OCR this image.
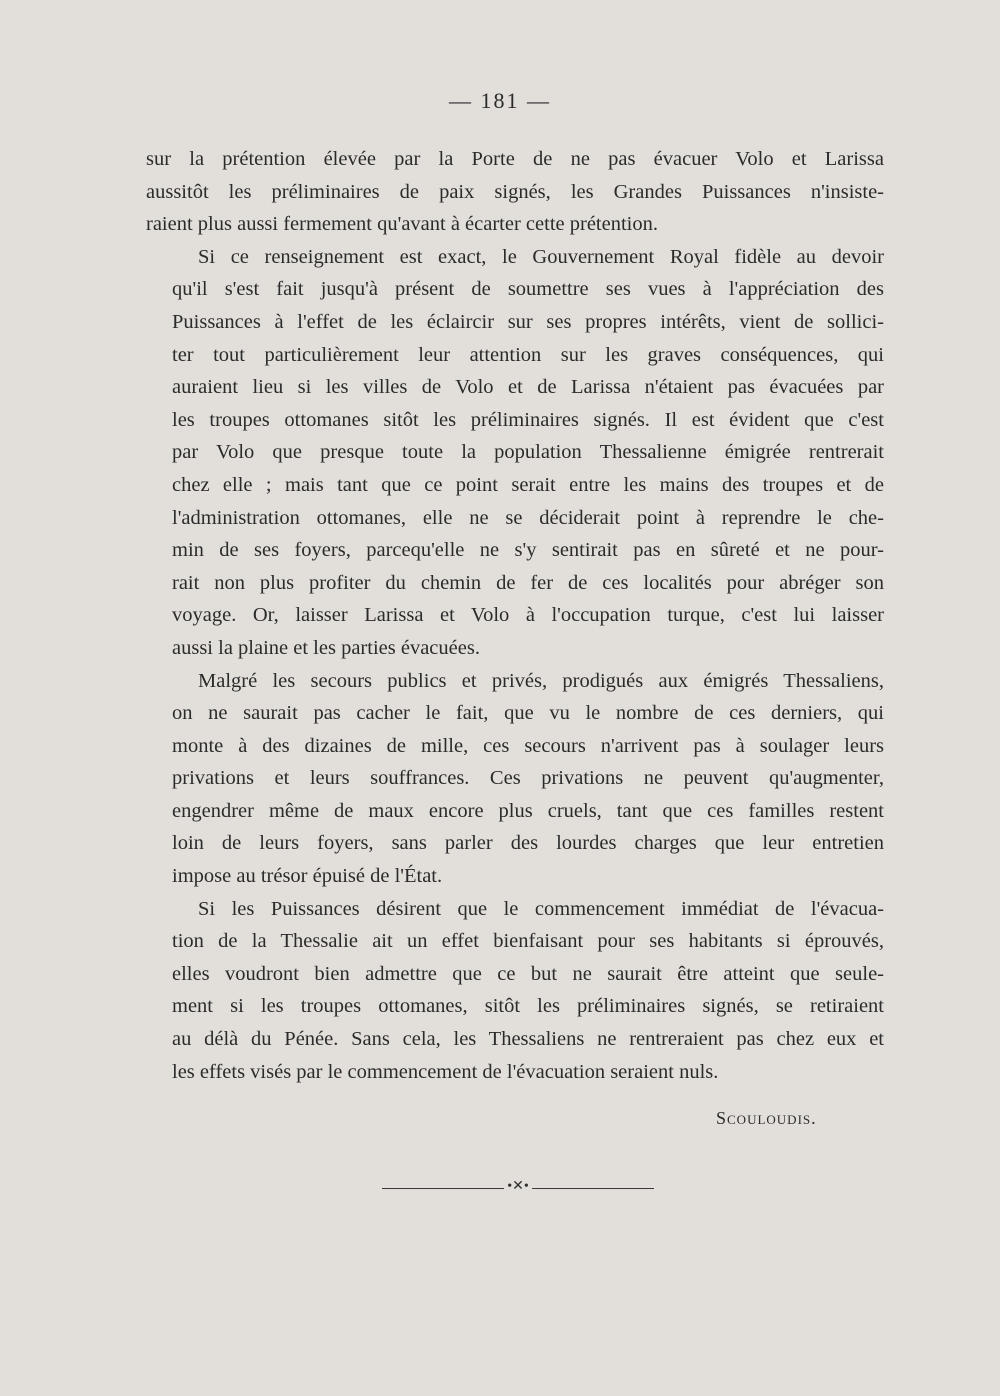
— 181 —
sur la prétention élevée par la Porte de ne pas évacuer Volo et Larissa
aussitôt les préliminaires de paix signés, les Grandes Puissances n'insiste-
raient plus aussi fermement qu'avant à écarter cette prétention.
Si ce renseignement est exact, le Gouvernement Royal fidèle au devoir
qu'il s'est fait jusqu'à présent de soumettre ses vues à l'appréciation des
Puissances à l'effet de les éclaircir sur ses propres intérêts, vient de sollici-
ter tout particulièrement leur attention sur les graves conséquences, qui
auraient lieu si les villes de Volo et de Larissa n'étaient pas évacuées par
les troupes ottomanes sitôt les préliminaires signés. Il est évident que c'est
par Volo que presque toute la population Thessalienne émigrée rentrerait
chez elle ; mais tant que ce point serait entre les mains des troupes et de
l'administration ottomanes, elle ne se déciderait point à reprendre le che-
min de ses foyers, parcequ'elle ne s'y sentirait pas en sûreté et ne pour-
rait non plus profiter du chemin de fer de ces localités pour abréger son
voyage. Or, laisser Larissa et Volo à l'occupation turque, c'est lui laisser
aussi la plaine et les parties évacuées.
Malgré les secours publics et privés, prodigués aux émigrés Thessaliens,
on ne saurait pas cacher le fait, que vu le nombre de ces derniers, qui
monte à des dizaines de mille, ces secours n'arrivent pas à soulager leurs
privations et leurs souffrances. Ces privations ne peuvent qu'augmenter,
engendrer même de maux encore plus cruels, tant que ces familles restent
loin de leurs foyers, sans parler des lourdes charges que leur entretien
impose au trésor épuisé de l'État.
Si les Puissances désirent que le commencement immédiat de l'évacua-
tion de la Thessalie ait un effet bienfaisant pour ses habitants si éprouvés,
elles voudront bien admettre que ce but ne saurait être atteint que seule-
ment si les troupes ottomanes, sitôt les préliminaires signés, se retiraient
au délà du Pénée. Sans cela, les Thessaliens ne rentreraient pas chez eux et
les effets visés par le commencement de l'évacuation seraient nuls.
Scouloudis.
•✕•
